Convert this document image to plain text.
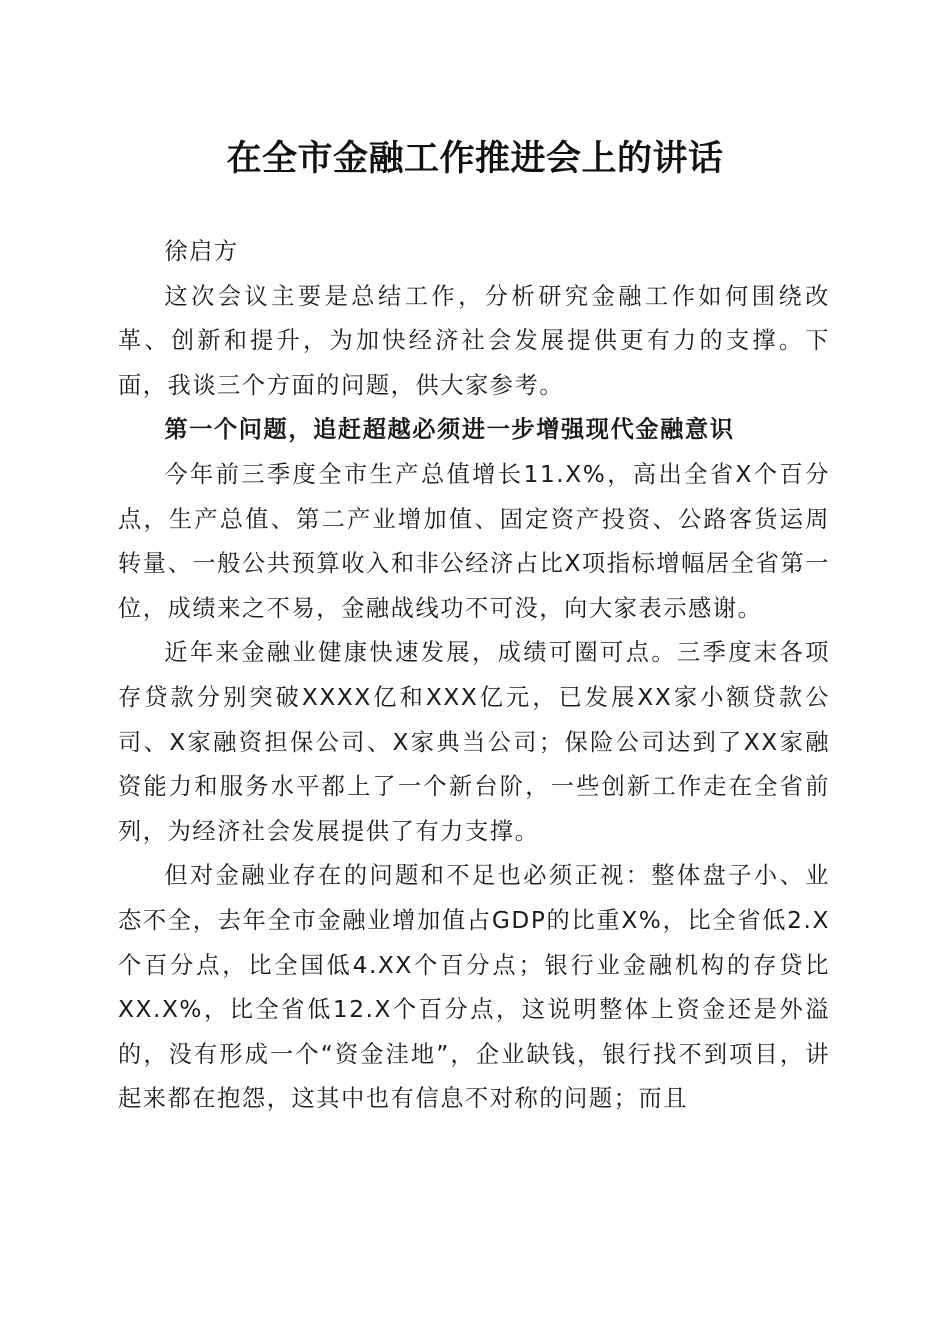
在全市金融工作推进会上的讲话

徐启方

这次会议主要是总结工作，分析研究金融工作如何围绕改革、创新和提升，为加快经济社会发展提供更有力的支撑。下面，我谈三个方面的问题，供大家参考。

第一个问题，追赶超越必须进一步增强现代金融意识

今年前三季度全市生产总值增长11.X%，高出全省X个百分点，生产总值、第二产业增加值、固定资产投资、公路客货运周转量、一般公共预算收入和非公经济占比X项指标增幅居全省第一位，成绩来之不易，金融战线功不可没，向大家表示感谢。

近年来金融业健康快速发展，成绩可圈可点。三季度末各项存贷款分别突破XXXX亿和XXX亿元，已发展XX家小额贷款公司、X家融资担保公司、X家典当公司；保险公司达到了XX家融资能力和服务水平都上了一个新台阶，一些创新工作走在全省前列，为经济社会发展提供了有力支撑。

但对金融业存在的问题和不足也必须正视：整体盘子小、业态不全，去年全市金融业增加值占GDP的比重X%，比全省低2.X个百分点，比全国低4.XX个百分点；银行业金融机构的存贷比XX.X%，比全省低12.X个百分点，这说明整体上资金还是外溢的，没有形成一个“资金洼地”，企业缺钱，银行找不到项目，讲起来都在抱怨，这其中也有信息不对称的问题；而且
